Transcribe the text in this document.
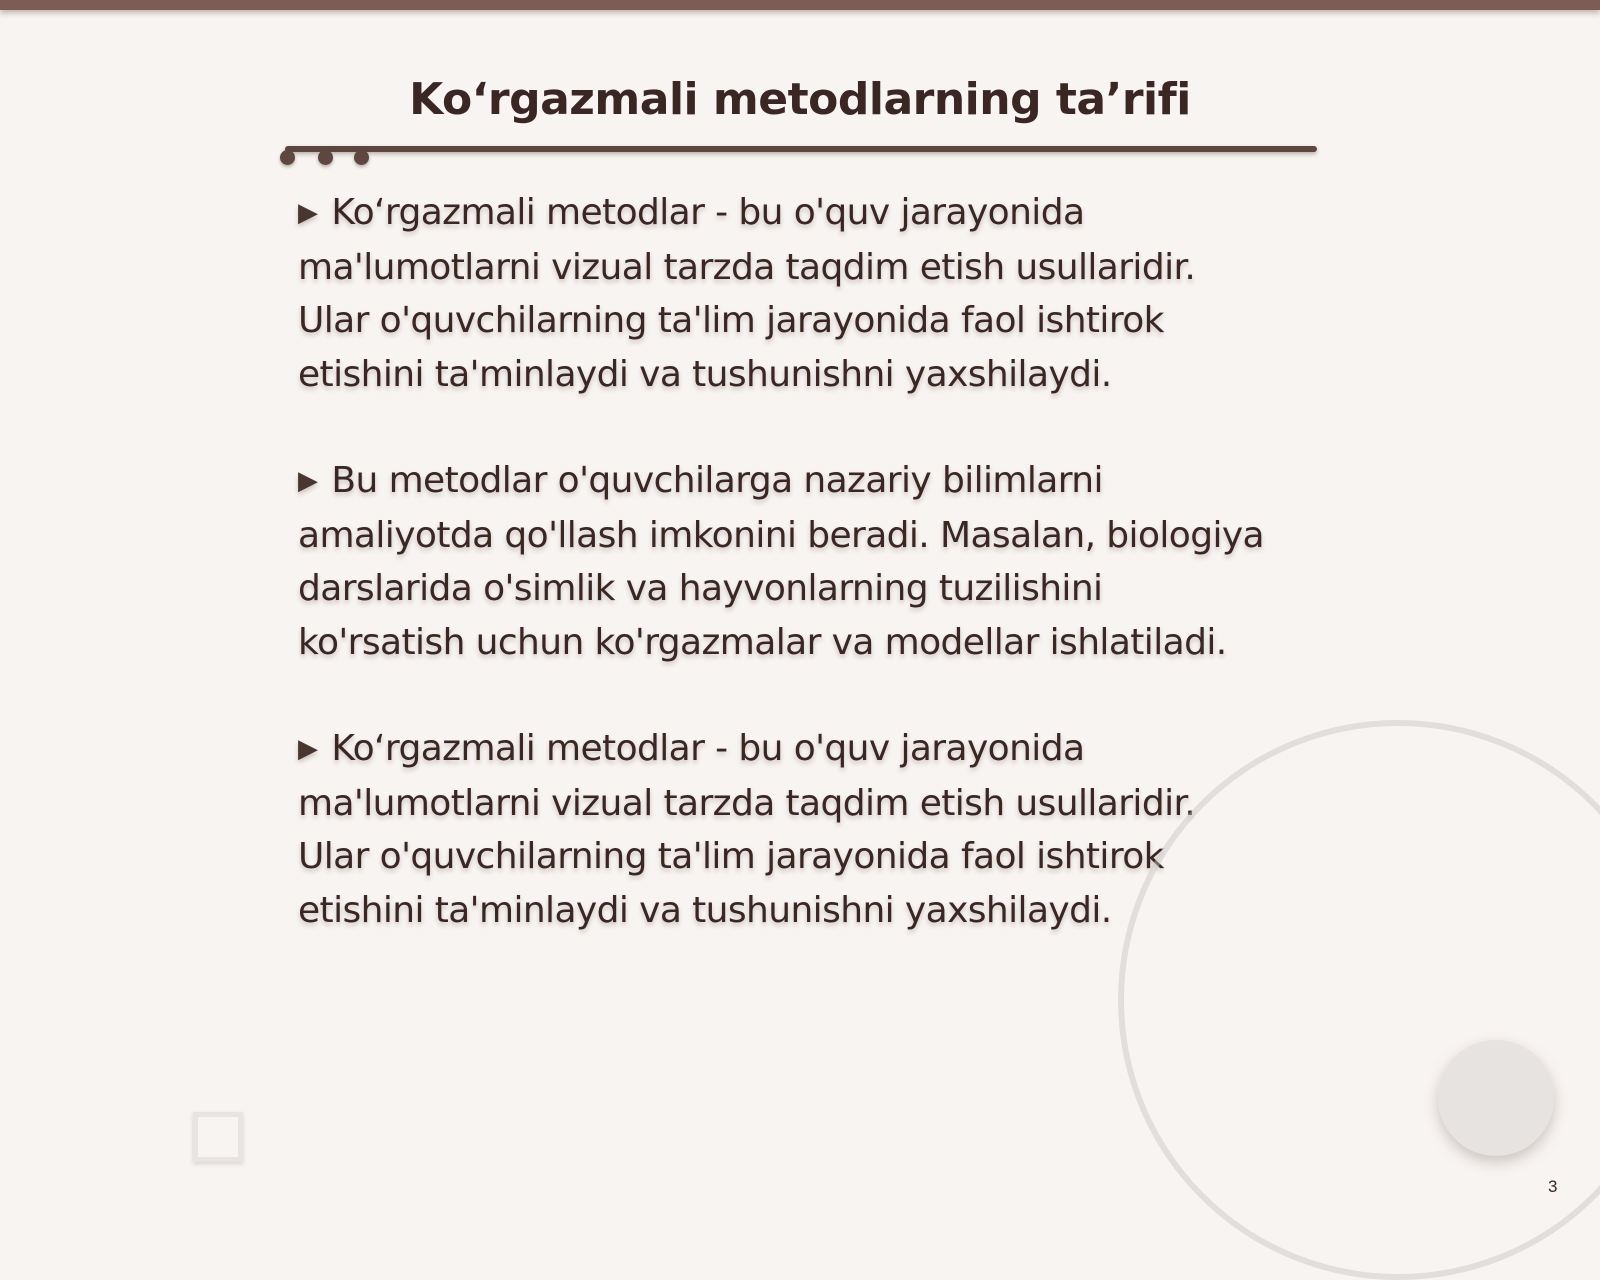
Ko‘rgazmali metodlarning ta’rifi

▶ Ko‘rgazmali metodlar - bu o'quv jarayonida
ma'lumotlarni vizual tarzda taqdim etish usullaridir.
Ular o'quvchilarning ta'lim jarayonida faol ishtirok
etishini ta'minlaydi va tushunishni yaxshilaydi.

▶ Bu metodlar o'quvchilarga nazariy bilimlarni
amaliyotda qo'llash imkonini beradi. Masalan, biologiya
darslarida o'simlik va hayvonlarning tuzilishini
ko'rsatish uchun ko'rgazmalar va modellar ishlatiladi.

▶ Ko‘rgazmali metodlar - bu o'quv jarayonida
ma'lumotlarni vizual tarzda taqdim etish usullaridir.
Ular o'quvchilarning ta'lim jarayonida faol ishtirok
etishini ta'minlaydi va tushunishni yaxshilaydi.

3
